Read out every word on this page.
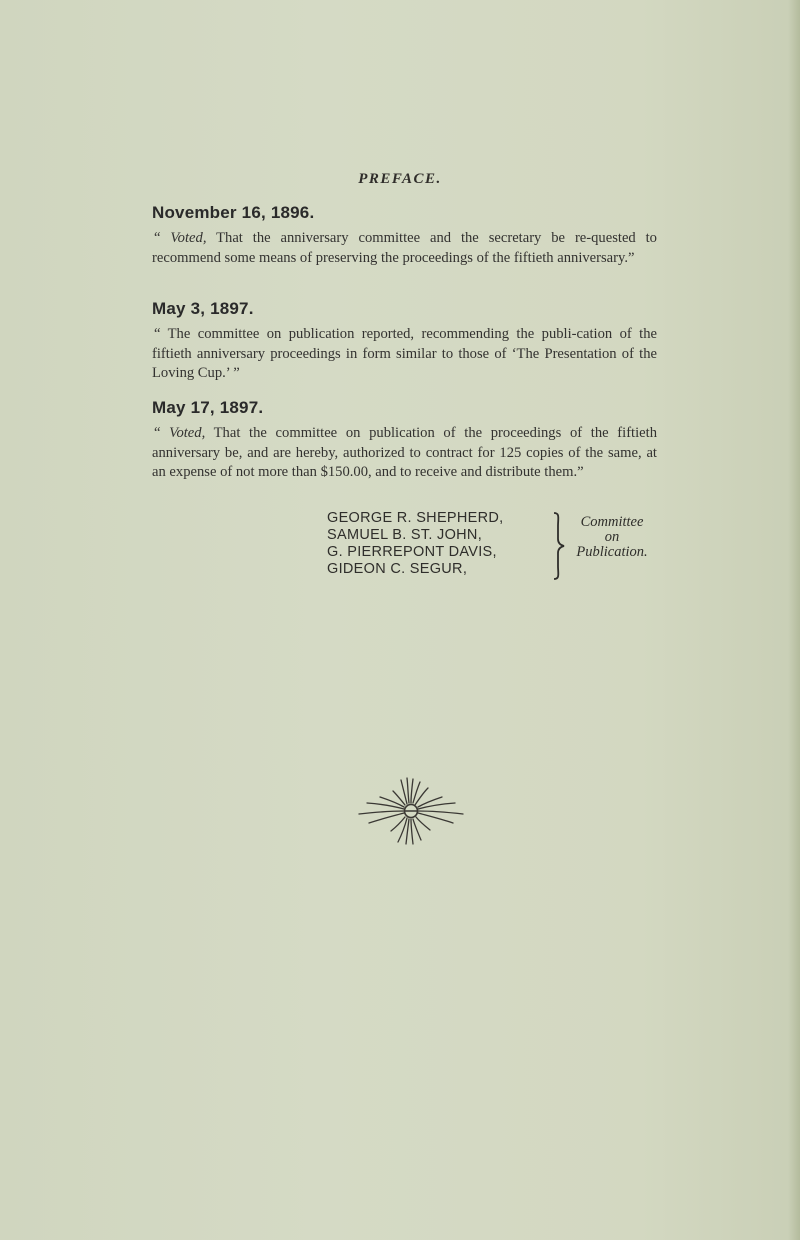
PREFACE.

November 16, 1896.

“ Voted, That the anniversary committee and the secretary be re-quested to recommend some means of preserving the proceedings of the fiftieth anniversary.”

May 3, 1897.

“ The committee on publication reported, recommending the publi-cation of the fiftieth anniversary proceedings in form similar to those of ‘The Presentation of the Loving Cup.’ ”

May 17, 1897.

“ Voted, That the committee on publication of the proceedings of the fiftieth anniversary be, and are hereby, authorized to contract for 125 copies of the same, at an expense of not more than $150.00, and to receive and distribute them.”

GEORGE R. SHEPHERD,
SAMUEL B. ST. JOHN,
G. PIERREPONT DAVIS,
GIDEON C. SEGUR,
Committee
on
Publication.
